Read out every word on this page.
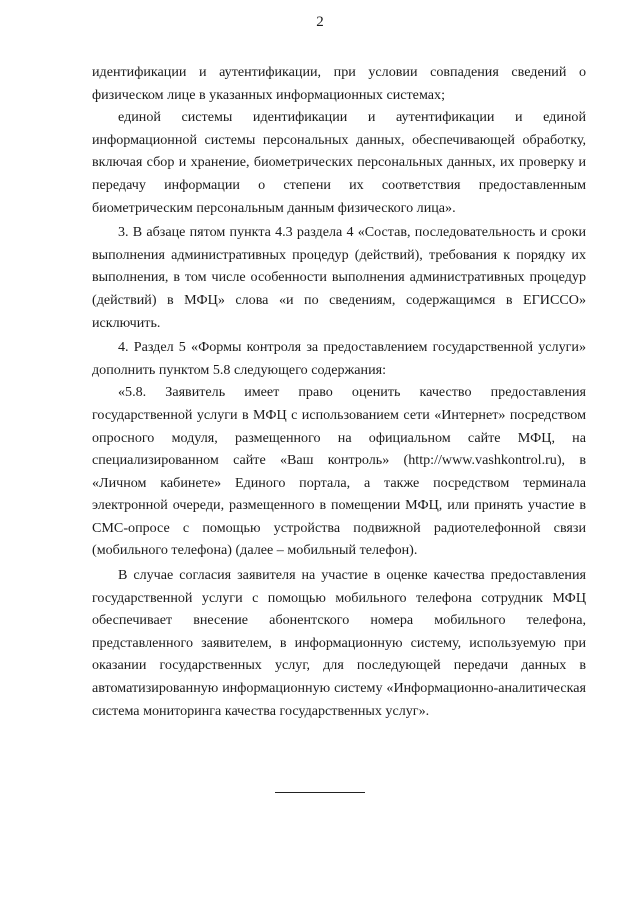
2

идентификации и аутентификации, при условии совпадения сведений о физическом лице в указанных информационных системах;

единой системы идентификации и аутентификации и единой информационной системы персональных данных, обеспечивающей обработку, включая сбор и хранение, биометрических персональных данных, их проверку и передачу информации о степени их соответствия предоставленным биометрическим персональным данным физического лица».

3. В абзаце пятом пункта 4.3 раздела 4 «Состав, последовательность и сроки выполнения административных процедур (действий), требования к порядку их выполнения, в том числе особенности выполнения административных процедур (действий) в МФЦ» слова «и по сведениям, содержащимся в ЕГИССО» исключить.

4. Раздел 5 «Формы контроля за предоставлением государственной услуги» дополнить пунктом 5.8 следующего содержания:

«5.8. Заявитель имеет право оценить качество предоставления государственной услуги в МФЦ с использованием сети «Интернет» посредством опросного модуля, размещенного на официальном сайте МФЦ, на специализированном сайте «Ваш контроль» (http://www.vashkontrol.ru), в «Личном кабинете» Единого портала, а также посредством терминала электронной очереди, размещенного в помещении МФЦ, или принять участие в СМС-опросе с помощью устройства подвижной радиотелефонной связи (мобильного телефона) (далее – мобильный телефон).

В случае согласия заявителя на участие в оценке качества предоставления государственной услуги с помощью мобильного телефона сотрудник МФЦ обеспечивает внесение абонентского номера мобильного телефона, представленного заявителем, в информационную систему, используемую при оказании государственных услуг, для последующей передачи данных в автоматизированную информационную систему «Информационно-аналитическая система мониторинга качества государственных услуг».
